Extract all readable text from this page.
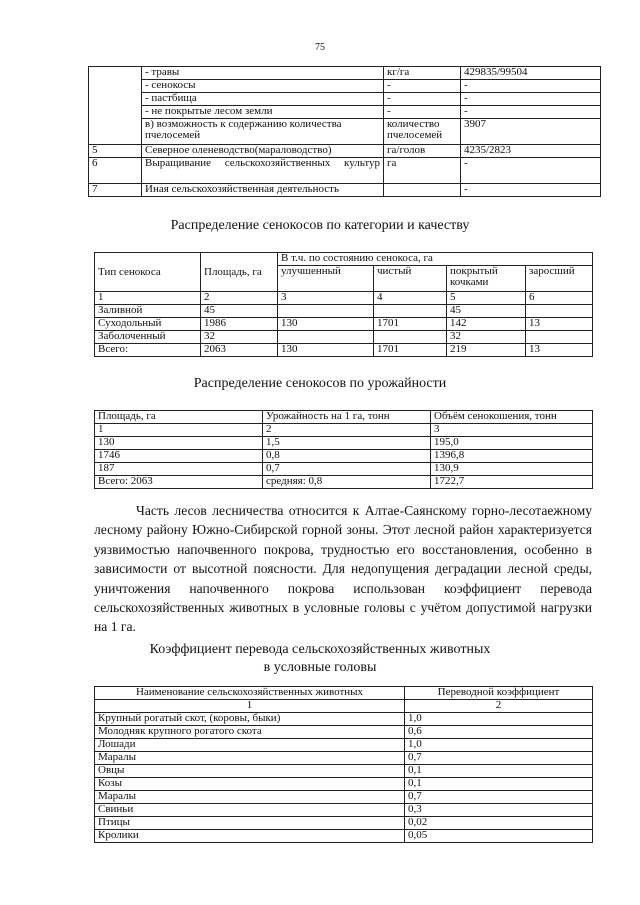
75
	- травы	кг/га	429835/99504
	- сенокосы	-	-
	- пастбища	-	-
	- не покрытые лесом земли	-	-
	в) возможность к содержанию количества пчелосемей	количество пчелосемей	3907
5	Северное оленеводство(мараловодство)	га/голов	4235/2823
6	Выращивание сельскохозяйственных культур	га	-
7	Иная сельскохозяйственная деятельность		-
Распределение сенокосов по категории и качеству
Тип сенокоса	Площадь, га	В т.ч. по состоянию сенокоса, га			
		улучшенный	чистый	покрытый кочками	заросший
1	2	3	4	5	6
Заливной	45			45	
Суходольный	1986	130	1701	142	13
Заболоченный	32			32	
Всего:	2063	130	1701	219	13
Распределение сенокосов по урожайности
Площадь, га	Урожайность на 1 га, тонн	Объём сенокошения, тонн
1	2	3
130	1,5	195,0
1746	0,8	1396,8
187	0,7	130,9
Всего: 2063	средняя: 0,8	1722,7
Часть лесов лесничества относится к Алтае-Саянскому горно-лесотаежному лесному району Южно-Сибирской горной зоны. Этот лесной район характеризуется уязвимостью напочвенного покрова, трудностью его восстановления, особенно в зависимости от высотной поясности. Для недопущения деградации лесной среды, уничтожения напочвенного покрова использован коэффициент перевода сельскохозяйственных животных в условные головы с учётом допустимой нагрузки на 1 га.
Коэффициент перевода сельскохозяйственных животных
в условные головы
Наименование сельскохозяйственных животных	Переводной коэффициент
1	2
Крупный рогатый скот, (коровы, быки)	1,0
Молодняк крупного рогатого скота	0,6
Лошади	1,0
Маралы	0,7
Овцы	0,1
Козы	0,1
Маралы	0,7
Свиньи	0,3
Птицы	0,02
Кролики	0,05
